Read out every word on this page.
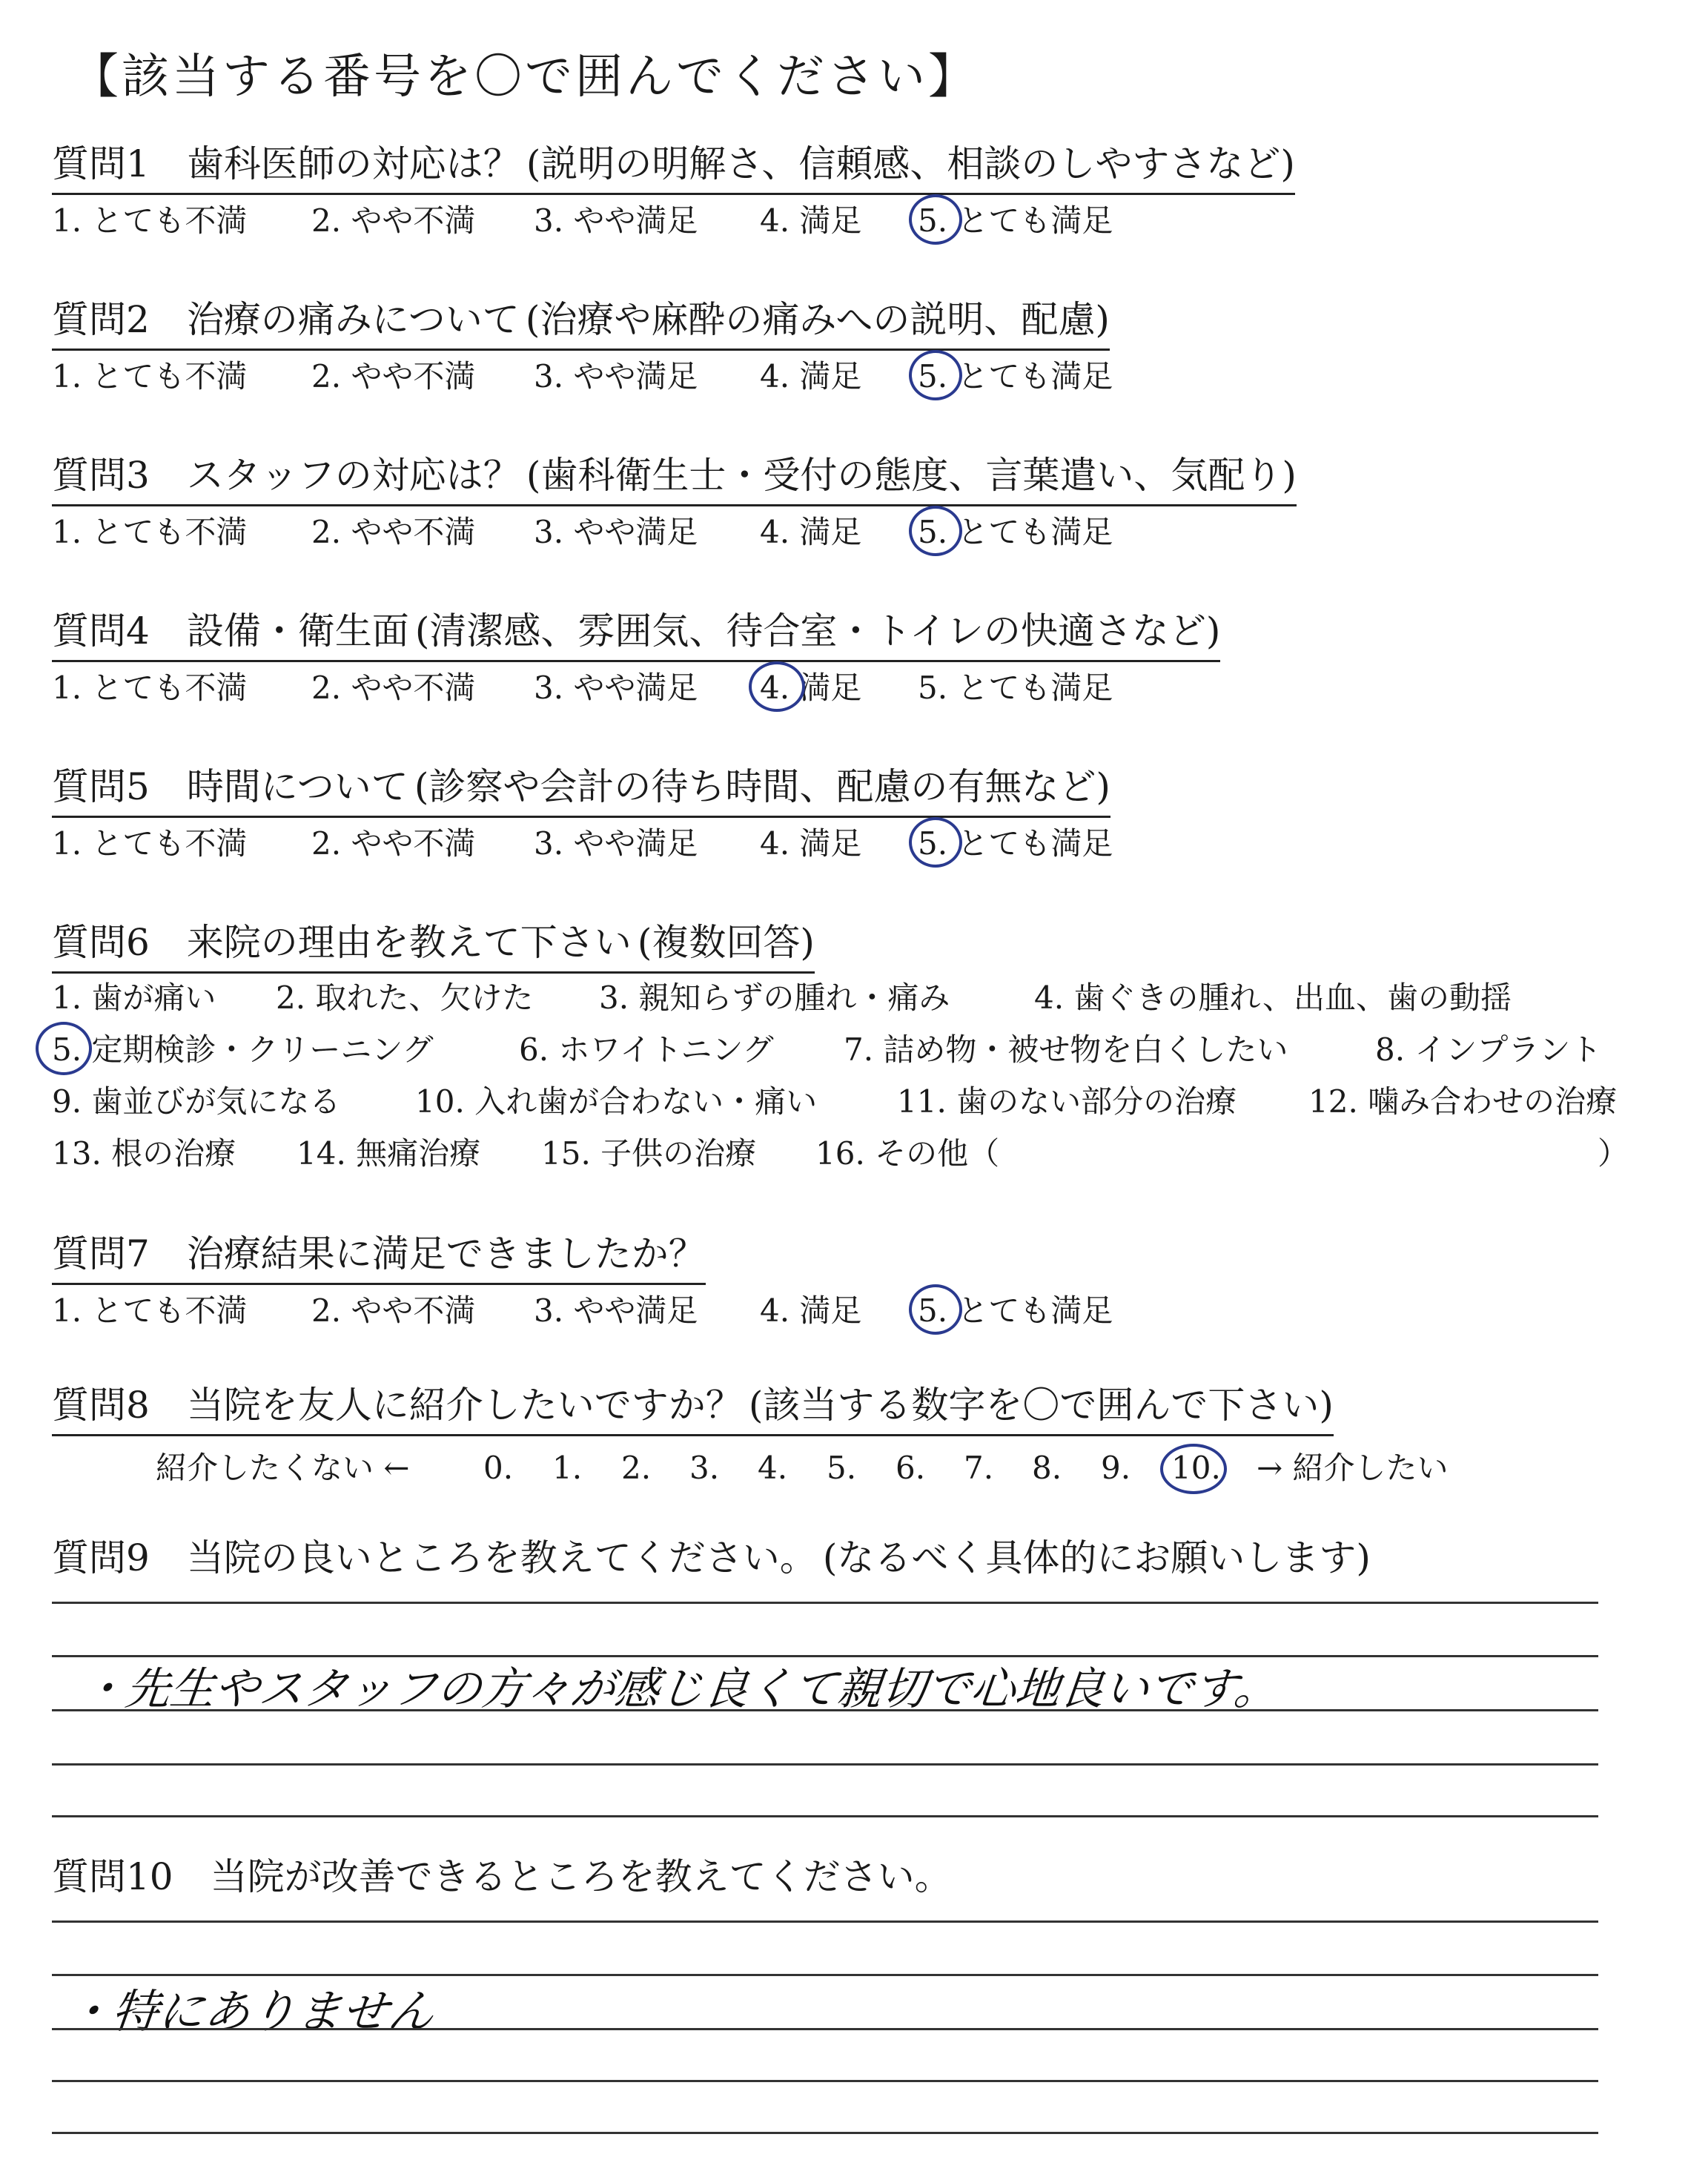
【該当する番号を〇で囲んでください】
質問1 歯科医師の対応は？ (説明の明解さ、信頼感、相談のしやすさなど)
1. とても不満 2. やや不満 3. やや満足 4. 満足 5. とても満足
質問2 治療の痛みについて (治療や麻酔の痛みへの説明、配慮)
1. とても不満 2. やや不満 3. やや満足 4. 満足 5. とても満足
質問3 スタッフの対応は？ (歯科衛生士・受付の態度、言葉遣い、気配り)
1. とても不満 2. やや不満 3. やや満足 4. 満足 5. とても満足
質問4 設備・衛生面 (清潔感、雰囲気、待合室・トイレの快適さなど)
1. とても不満 2. やや不満 3. やや満足 4. 満足 5. とても満足
質問5 時間について (診察や会計の待ち時間、配慮の有無など)
1. とても不満 2. やや不満 3. やや満足 4. 満足 5. とても満足
質問6 来院の理由を教えて下さい (複数回答)
1. 歯が痛い 2. 取れた、欠けた 3. 親知らずの腫れ・痛み	4. 歯ぐきの腫れ、出血、歯の動揺
5. 定期検診・クリーニング	6. ホワイトニング 7. 詰め物・被せ物を白くしたい	8. インプラント
9. 歯並びが気になる 10. 入れ歯が合わない・痛い	11. 歯のない部分の治療 12. 噛み合わせの治療
13. 根の治療 14. 無痛治療 15. 子供の治療 16. その他（	）
質問7 治療結果に満足できましたか？
1. とても不満 2. やや不満 3. やや満足 4. 満足 5. とても満足
質問8 当院を友人に紹介したいですか？ (該当する数字を〇で囲んで下さい)
紹介したくない ← 0. 1. 2. 3. 4. 5. 6. 7. 8. 9. 10. → 紹介したい
質問9 当院の良いところを教えてください。 (なるべく具体的にお願いします)
・先生やスタッフの方々が感じ良くて親切で心地良いです。
質問10 当院が改善できるところを教えてください。
・特にありません
